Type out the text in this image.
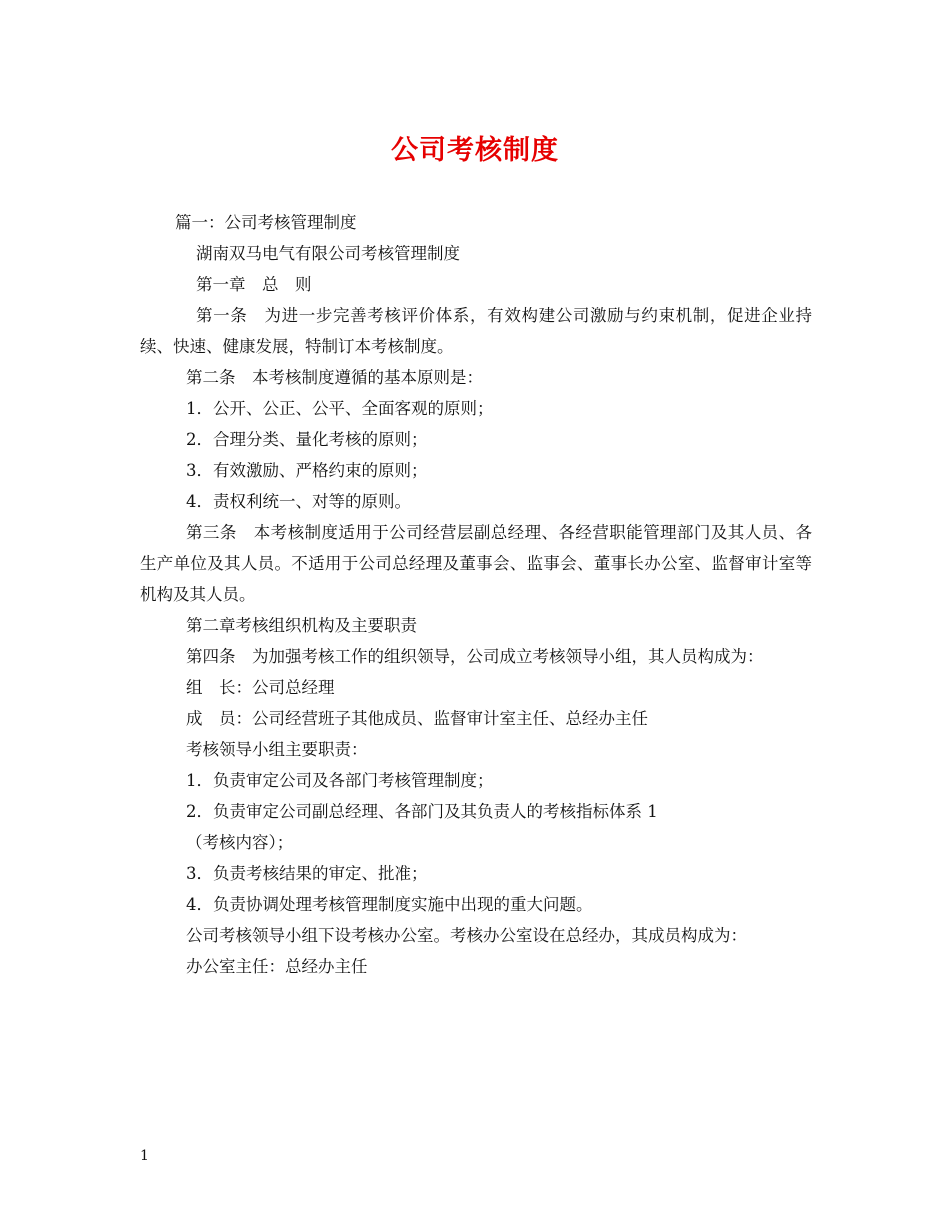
公司考核制度

篇一：公司考核管理制度

湖南双马电气有限公司考核管理制度

第一章　总　则

第一条　为进一步完善考核评价体系，有效构建公司激励与约束机制，促进企业持续、快速、健康发展，特制订本考核制度。

第二条　本考核制度遵循的基本原则是：

1．公开、公正、公平、全面客观的原则；

2．合理分类、量化考核的原则；

3．有效激励、严格约束的原则；

4．责权利统一、对等的原则。

第三条　本考核制度适用于公司经营层副总经理、各经营职能管理部门及其人员、各生产单位及其人员。不适用于公司总经理及董事会、监事会、董事长办公室、监督审计室等机构及其人员。

第二章考核组织机构及主要职责

第四条　为加强考核工作的组织领导，公司成立考核领导小组，其人员构成为：

组　长：公司总经理

成　员：公司经营班子其他成员、监督审计室主任、总经办主任

考核领导小组主要职责：

1．负责审定公司及各部门考核管理制度；

2．负责审定公司副总经理、各部门及其负责人的考核指标体系 1

（考核内容）；

3．负责考核结果的审定、批准；

4．负责协调处理考核管理制度实施中出现的重大问题。

公司考核领导小组下设考核办公室。考核办公室设在总经办，其成员构成为：

办公室主任：总经办主任

1
